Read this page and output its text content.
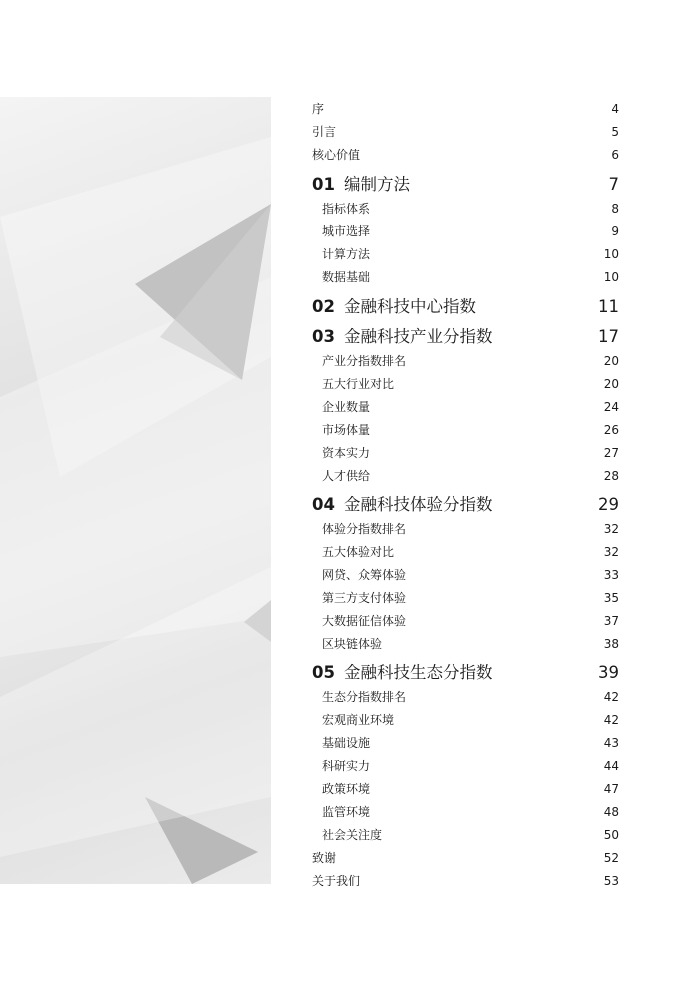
序	4
引言	5
核心价值	6
01 编制方法	7
指标体系	8
城市选择	9
计算方法	10
数据基础	10
02 金融科技中心指数	11
03 金融科技产业分指数	17
产业分指数排名	20
五大行业对比	20
企业数量	24
市场体量	26
资本实力	27
人才供给	28
04 金融科技体验分指数	29
体验分指数排名	32
五大体验对比	32
网贷、众筹体验	33
第三方支付体验	35
大数据征信体验	37
区块链体验	38
05 金融科技生态分指数	39
生态分指数排名	42
宏观商业环境	42
基础设施	43
科研实力	44
政策环境	47
监管环境	48
社会关注度	50
致谢	52
关于我们	53
